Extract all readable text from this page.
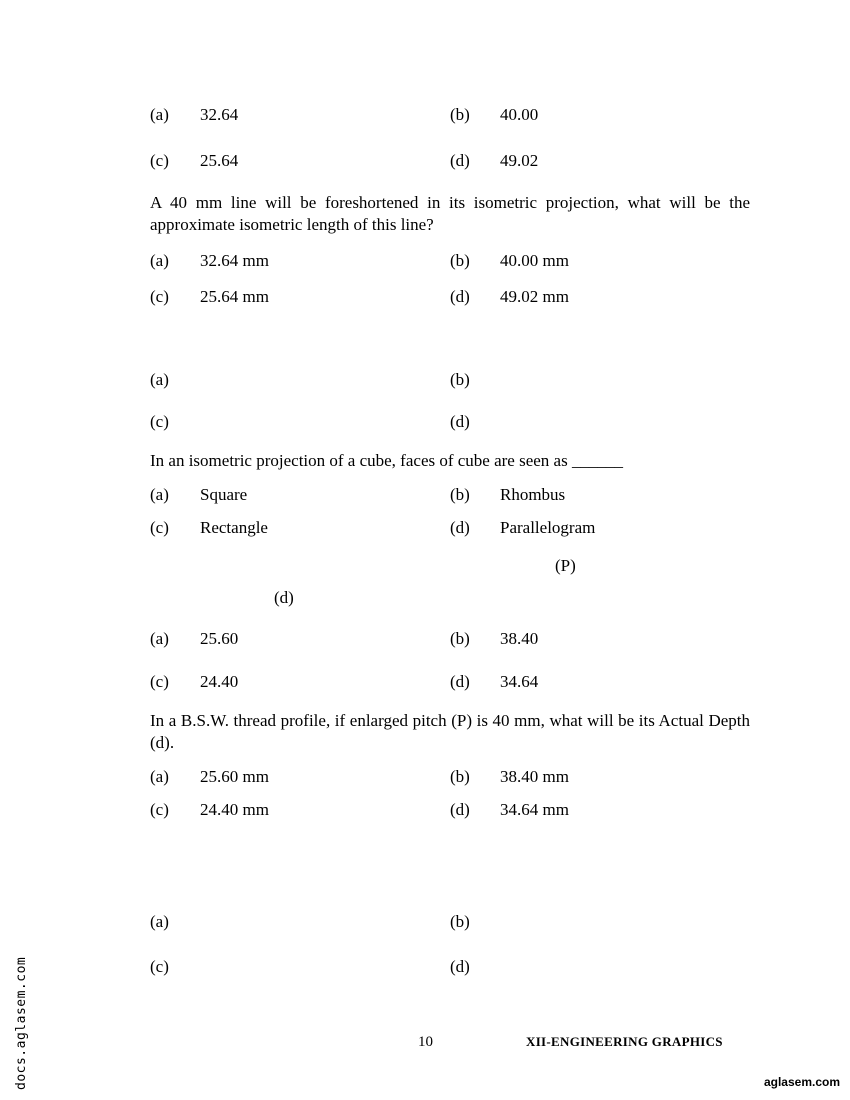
(a) 32.64	(b) 40.00
(c) 25.64	(d) 49.02
A 40 mm line will be foreshortened in its isometric projection, what will be the approximate isometric length of this line?
(a) 32.64 mm	(b) 40.00 mm
(c) 25.64 mm	(d) 49.02 mm
(a)	(b)
(c)	(d)
In an isometric projection of a cube, faces of cube are seen as ______
(a) Square	(b) Rhombus
(c) Rectangle	(d) Parallelogram
(P)
(d)
(a) 25.60	(b) 38.40
(c) 24.40	(d) 34.64
In a B.S.W. thread profile, if enlarged pitch (P) is 40 mm, what will be its Actual Depth (d).
(a) 25.60 mm	(b) 38.40 mm
(c) 24.40 mm	(d) 34.64 mm
(a)	(b)
(c)	(d)
10	XII-ENGINEERING GRAPHICS
docs.aglasem.com	aglasem.com
